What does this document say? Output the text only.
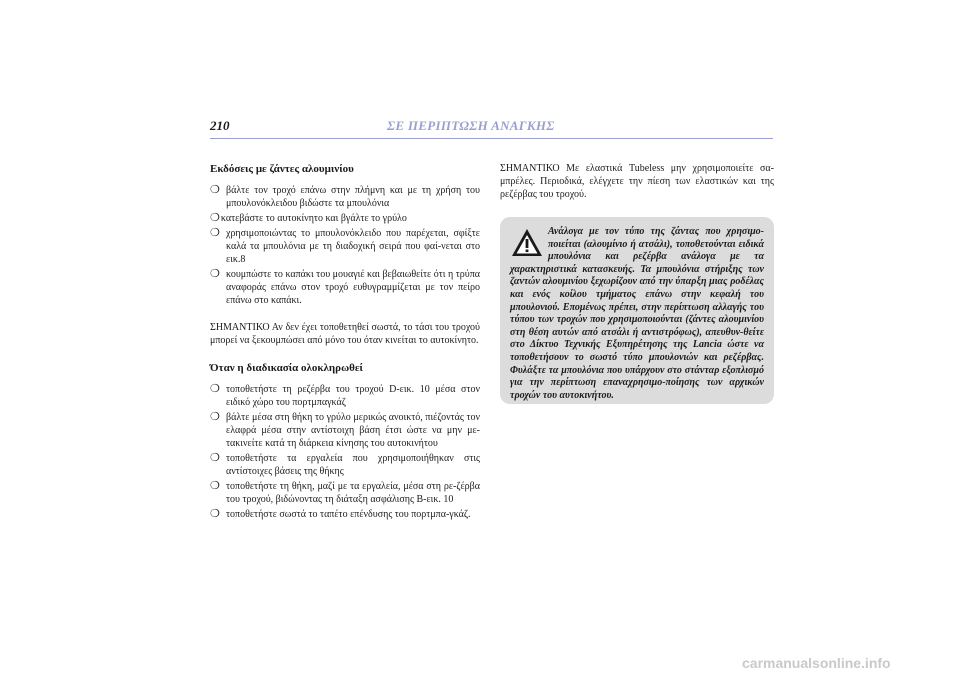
210	ΣΕ ΠΕΡΙΠΤΩΣΗ ΑΝΑΓΚΗΣ
Εκδόσεις με ζάντες αλουμινίου
❍ βάλτε τον τροχό επάνω στην πλήμνη και με τη χρήση του μπουλονόκλειδου βιδώστε τα μπουλόνια
❍κατεβάστε το αυτοκίνητο και βγάλτε το γρύλο
❍ χρησιμοποιώντας το μπουλονόκλειδο που παρέχεται, σφίξτε καλά τα μπουλόνια με τη διαδοχική σειρά που φαί-νεται στο εικ.8
❍ κουμπώστε το καπάκι του μουαγιέ και βεβαιωθείτε ότι η τρύπα αναφοράς επάνω στον τροχό ευθυγραμμίζεται με τον πείρο επάνω στο καπάκι.

ΣΗΜΑΝΤΙΚΟ Αν δεν έχει τοποθετηθεί σωστά, το τάσι του τροχού μπορεί να ξεκουμπώσει από μόνο του όταν κινείται το αυτοκίνητο.

Όταν η διαδικασία ολοκληρωθεί
❍ τοποθετήστε τη ρεζέρβα του τροχού D-εικ. 10 μέσα στον ειδικό χώρο του πορτμπαγκάζ
❍ βάλτε μέσα στη θήκη το γρύλο μερικώς ανοικτό, πιέζοντάς τον ελαφρά μέσα στην αντίστοιχη βάση έτσι ώστε να μην με-τακινείτε κατά τη διάρκεια κίνησης του αυτοκινήτου
❍ τοποθετήστε τα εργαλεία που χρησιμοποιήθηκαν στις αντίστοιχες βάσεις της θήκης
❍ τοποθετήστε τη θήκη, μαζί με τα εργαλεία, μέσα στη ρε-ζέρβα του τροχού, βιδώνοντας τη διάταξη ασφάλισης B-εικ. 10
❍ τοποθετήστε σωστά το ταπέτο επένδυσης του πορτμπα-γκάζ.

ΣΗΜΑΝΤΙΚΟ Με ελαστικά Tubeless μην χρησιμοποιείτε σα-μπρέλες. Περιοδικά, ελέγχετε την πίεση των ελαστικών και της ρεζέρβας του τροχού.

Ανάλογα με τον τύπο της ζάντας που χρησιμο-ποιείται (αλουμίνιο ή ατσάλι), τοποθετούνται ειδικά μπουλόνια και ρεζέρβα ανάλογα με τα χαρακτηριστικά κατασκευής. Τα μπουλόνια στήριξης των ζαντών αλουμινίου ξεχωρίζουν από την ύπαρξη μιας ροδέλας και ενός κοίλου τμήματος επάνω στην κεφαλή του μπουλονιού. Επομένως πρέπει, στην περίπτωση αλλαγής του τύπου των τροχών που χρησιμοποιούνται (ζάντες αλουμινίου στη θέση αυτών από ατσάλι ή αντιστρόφως), απευθυν-θείτε στο Δίκτυο Τεχνικής Εξυπηρέτησης της Lancia ώστε να τοποθετήσουν το σωστό τύπο μπουλονιών και ρεζέρβας. Φυλάξτε τα μπουλόνια που υπάρχουν στο στάνταρ εξοπλισμό για την περίπτωση επαναχρησιμο-ποίησης των αρχικών τροχών του αυτοκινήτου.
carmanualsonline.info
